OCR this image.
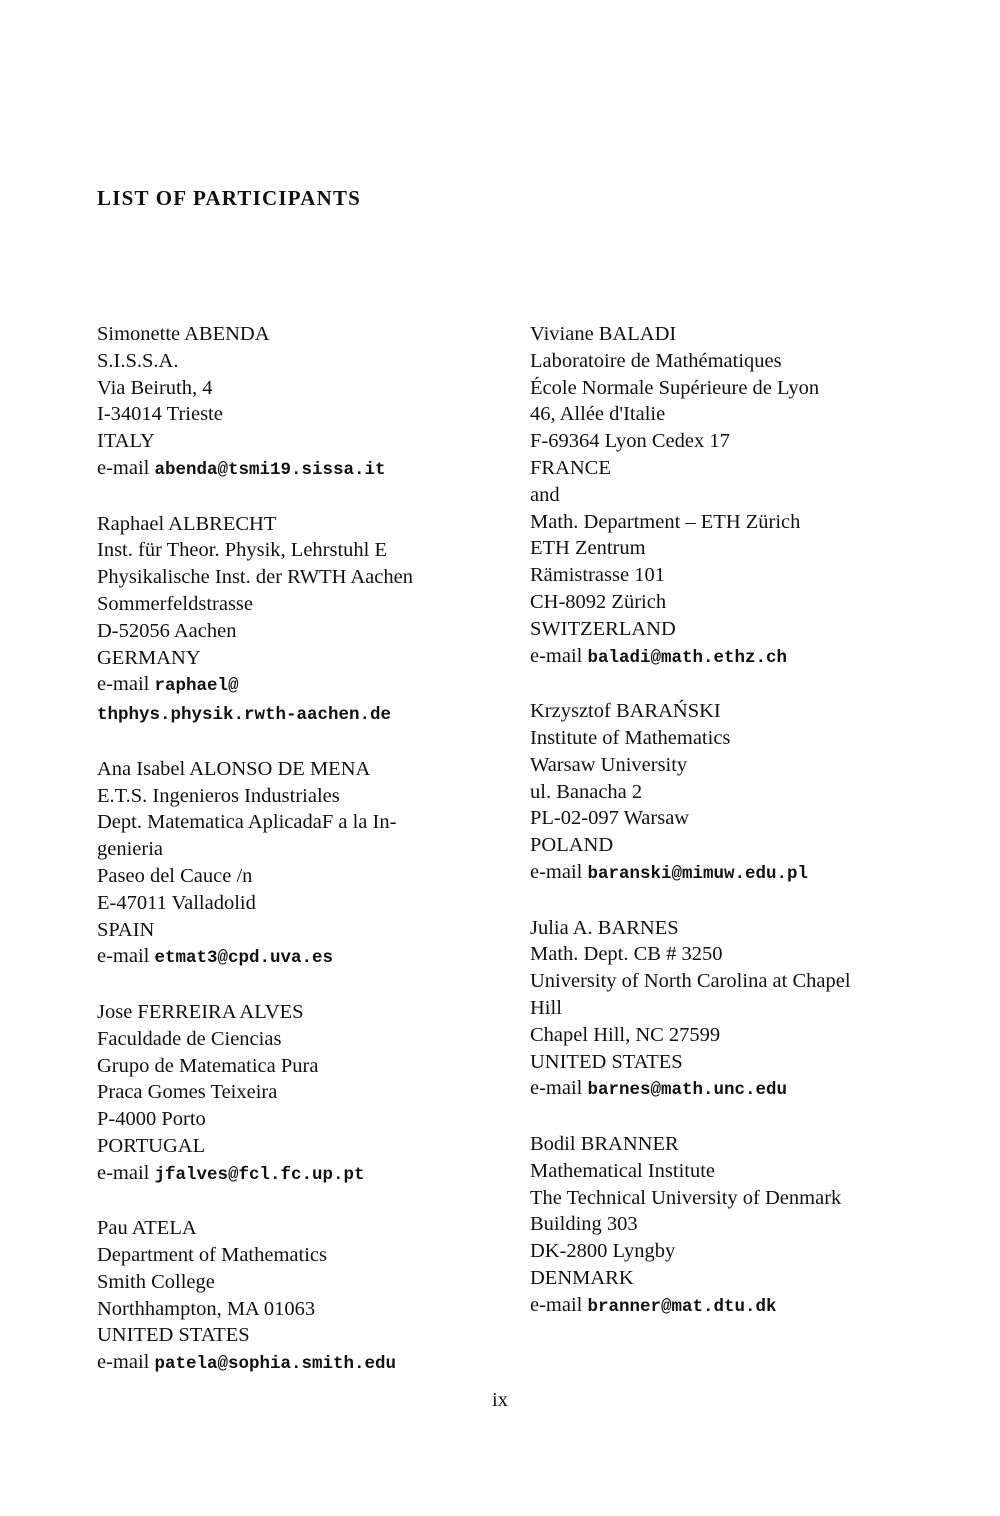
LIST OF PARTICIPANTS
Simonette ABENDA
S.I.S.S.A.
Via Beiruth, 4
I-34014 Trieste
ITALY
e-mail abenda@tsmi19.sissa.it
Raphael ALBRECHT
Inst. für Theor. Physik, Lehrstuhl E
Physikalische Inst. der RWTH Aachen
Sommerfeldstrasse
D-52056 Aachen
GERMANY
e-mail raphael@
thphys.physik.rwth-aachen.de
Ana Isabel ALONSO DE MENA
E.T.S. Ingenieros Industriales
Dept. Matematica AplicadaF a la In-
genieria
Paseo del Cauce /n
E-47011 Valladolid
SPAIN
e-mail etmat3@cpd.uva.es
Jose FERREIRA ALVES
Faculdade de Ciencias
Grupo de Matematica Pura
Praca Gomes Teixeira
P-4000 Porto
PORTUGAL
e-mail jfalves@fcl.fc.up.pt
Pau ATELA
Department of Mathematics
Smith College
Northhampton, MA 01063
UNITED STATES
e-mail patela@sophia.smith.edu
Viviane BALADI
Laboratoire de Mathématiques
École Normale Supérieure de Lyon
46, Allée d'Italie
F-69364 Lyon Cedex 17
FRANCE
and
Math. Department – ETH Zürich
ETH Zentrum
Rämistrasse 101
CH-8092 Zürich
SWITZERLAND
e-mail baladi@math.ethz.ch
Krzysztof BARAŃSKI
Institute of Mathematics
Warsaw University
ul. Banacha 2
PL-02-097 Warsaw
POLAND
e-mail baranski@mimuw.edu.pl
Julia A. BARNES
Math. Dept. CB # 3250
University of North Carolina at Chapel
Hill
Chapel Hill, NC 27599
UNITED STATES
e-mail barnes@math.unc.edu
Bodil BRANNER
Mathematical Institute
The Technical University of Denmark
Building 303
DK-2800 Lyngby
DENMARK
e-mail branner@mat.dtu.dk
ix
